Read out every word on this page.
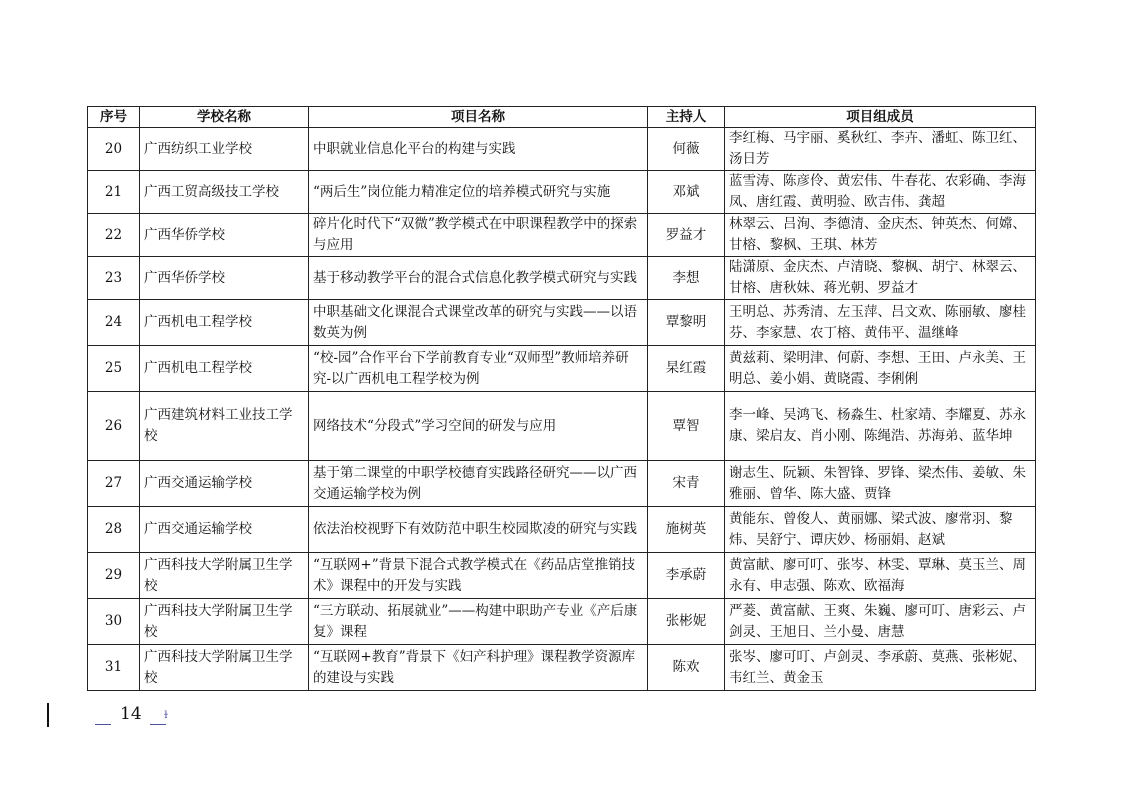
序号	学校名称	项目名称	主持人	项目组成员
20	广西纺织工业学校	中职就业信息化平台的构建与实践	何薇	李红梅、马宇丽、奚秋红、李卉、潘虹、陈卫红、汤日芳
21	广西工贸高级技工学校	“两后生”岗位能力精准定位的培养模式研究与实施	邓斌	蓝雪涛、陈彦伶、黄宏伟、牛春花、农彩确、李海凤、唐红霞、黄明验、欧吉伟、龚超
22	广西华侨学校	碎片化时代下“双微”教学模式在中职课程教学中的探索与应用	罗益才	林翠云、吕洵、李德清、金庆杰、钟英杰、何嫦、甘榕、黎枫、王琪、林芳
23	广西华侨学校	基于移动教学平台的混合式信息化教学模式研究与实践	李想	陆潇原、金庆杰、卢清晓、黎枫、胡宁、林翠云、甘榕、唐秋妹、蒋光朝、罗益才
24	广西机电工程学校	中职基础文化课混合式课堂改革的研究与实践——以语数英为例	覃黎明	王明总、苏秀清、左玉萍、吕文欢、陈丽敏、廖桂芬、李家慧、农丁榕、黄伟平、温继峰
25	广西机电工程学校	“校-园”合作平台下学前教育专业“双师型”教师培养研究-以广西机电工程学校为例	杲红霞	黄兹莉、梁明津、何蔚、李想、王田、卢永美、王明总、姜小娟、黄晓霞、李俐俐
26	广西建筑材料工业技工学校	网络技术“分段式”学习空间的研发与应用	覃智	李一峰、吴鸿飞、杨淼生、杜家靖、李耀夏、苏永康、梁启友、肖小刚、陈绳浩、苏海弟、蓝华坤
27	广西交通运输学校	基于第二课堂的中职学校德育实践路径研究——以广西交通运输学校为例	宋青	谢志生、阮颖、朱智锋、罗锋、梁杰伟、姜敏、朱雅丽、曾华、陈大盛、贾锋
28	广西交通运输学校	依法治校视野下有效防范中职生校园欺凌的研究与实践	施树英	黄能东、曾俊人、黄丽娜、梁式波、廖常羽、黎炜、吴舒宁、谭庆妙、杨丽娟、赵斌
29	广西科技大学附属卫生学校	“互联网+”背景下混合式教学模式在《药品店堂推销技术》课程中的开发与实践	李承蔚	黄富献、廖可叮、张岑、林雯、覃琳、莫玉兰、周永有、申志强、陈欢、欧福海
30	广西科技大学附属卫生学校	“三方联动、拓展就业”——构建中职助产专业《产后康复》课程	张彬妮	严菱、黄富献、王爽、朱巍、廖可叮、唐彩云、卢剑灵、王旭日、兰小曼、唐慧
31	广西科技大学附属卫生学校	“互联网+教育”背景下《妇产科护理》课程教学资源库的建设与实践	陈欢	张岑、廖可叮、卢剑灵、李承蔚、莫燕、张彬妮、韦红兰、黄金玉
14 ɫ
